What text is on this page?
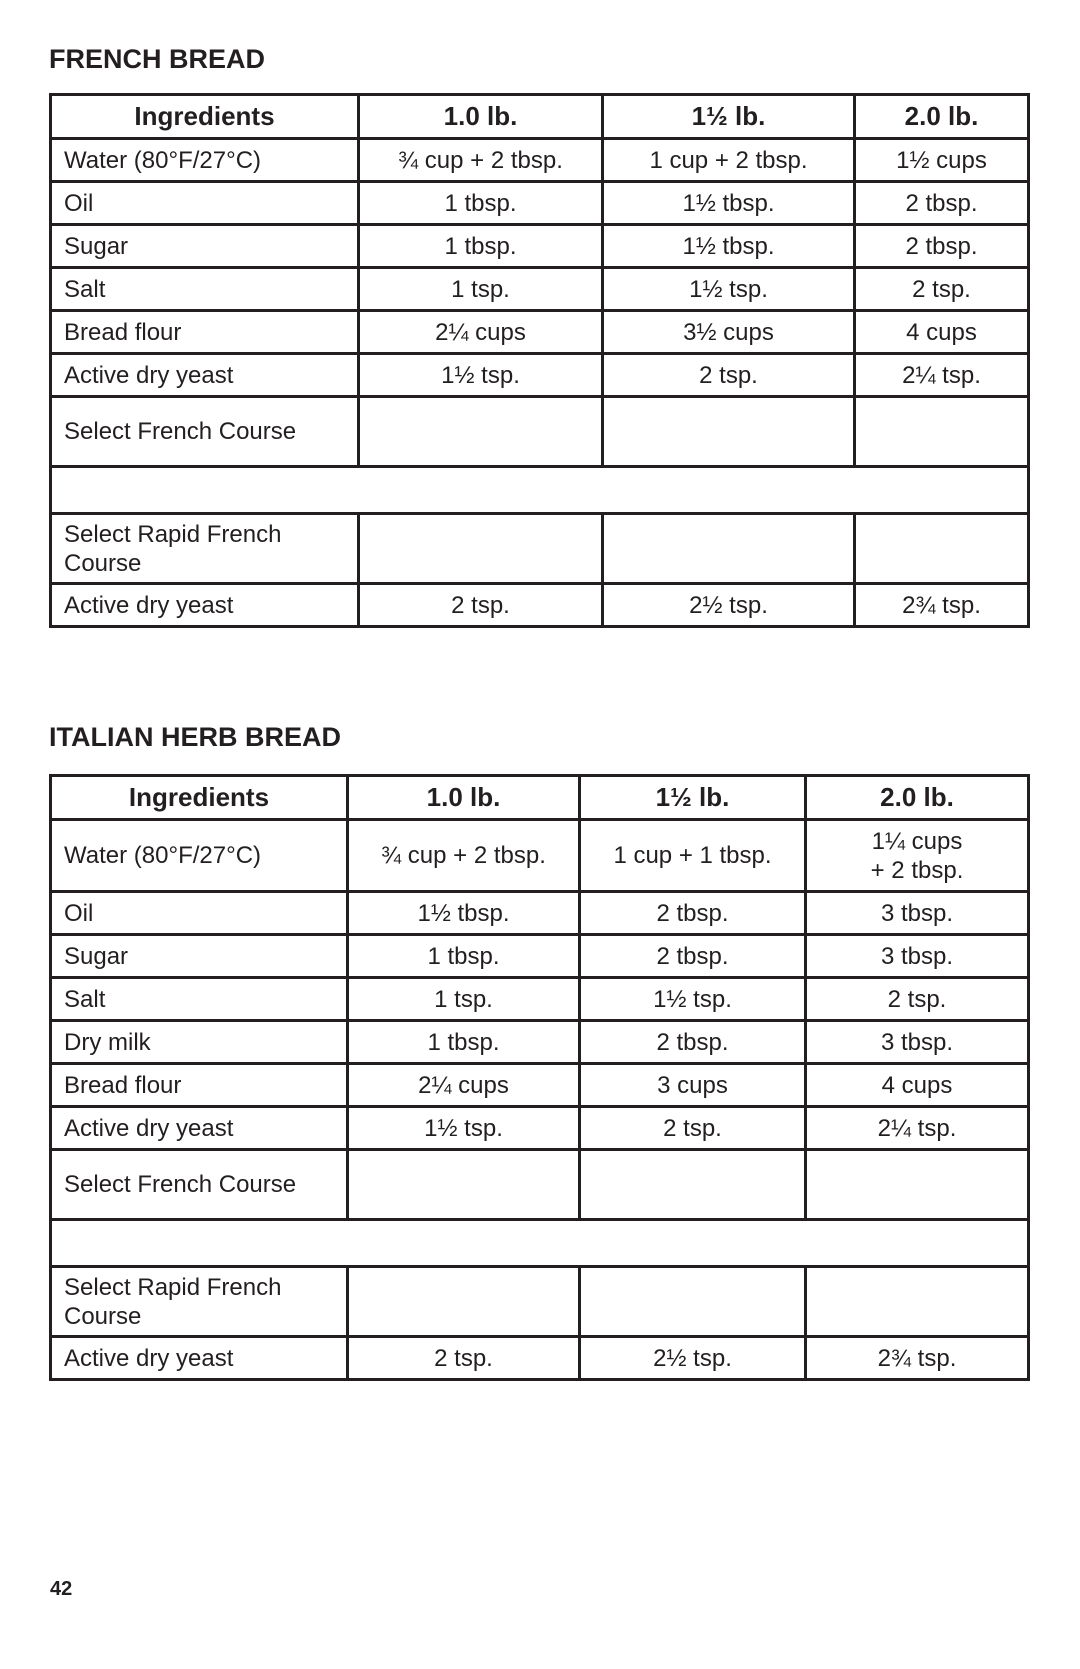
FRENCH BREAD
Ingredients	1.0 lb.	1½ lb.	2.0 lb.
Water (80°F/27°C)	¾ cup + 2 tbsp.	1 cup + 2 tbsp.	1½ cups
Oil	1 tbsp.	1½ tbsp.	2 tbsp.
Sugar	1 tbsp.	1½ tbsp.	2 tbsp.
Salt	1 tsp.	1½ tsp.	2 tsp.
Bread flour	2¼ cups	3½ cups	4 cups
Active dry yeast	1½ tsp.	2 tsp.	2¼ tsp.
Select French Course			

Select Rapid French Course			
Active dry yeast	2 tsp.	2½ tsp.	2¾ tsp.
ITALIAN HERB BREAD
Ingredients	1.0 lb.	1½ lb.	2.0 lb.
Water (80°F/27°C)	¾ cup + 2 tbsp.	1 cup + 1 tbsp.	1¼ cups
+ 2 tbsp.
Oil	1½ tbsp.	2 tbsp.	3 tbsp.
Sugar	1 tbsp.	2 tbsp.	3 tbsp.
Salt	1 tsp.	1½ tsp.	2 tsp.
Dry milk	1 tbsp.	2 tbsp.	3 tbsp.
Bread flour	2¼ cups	3 cups	4 cups
Active dry yeast	1½ tsp.	2 tsp.	2¼ tsp.
Select French Course			

Select Rapid French Course			
Active dry yeast	2 tsp.	2½ tsp.	2¾ tsp.
42
